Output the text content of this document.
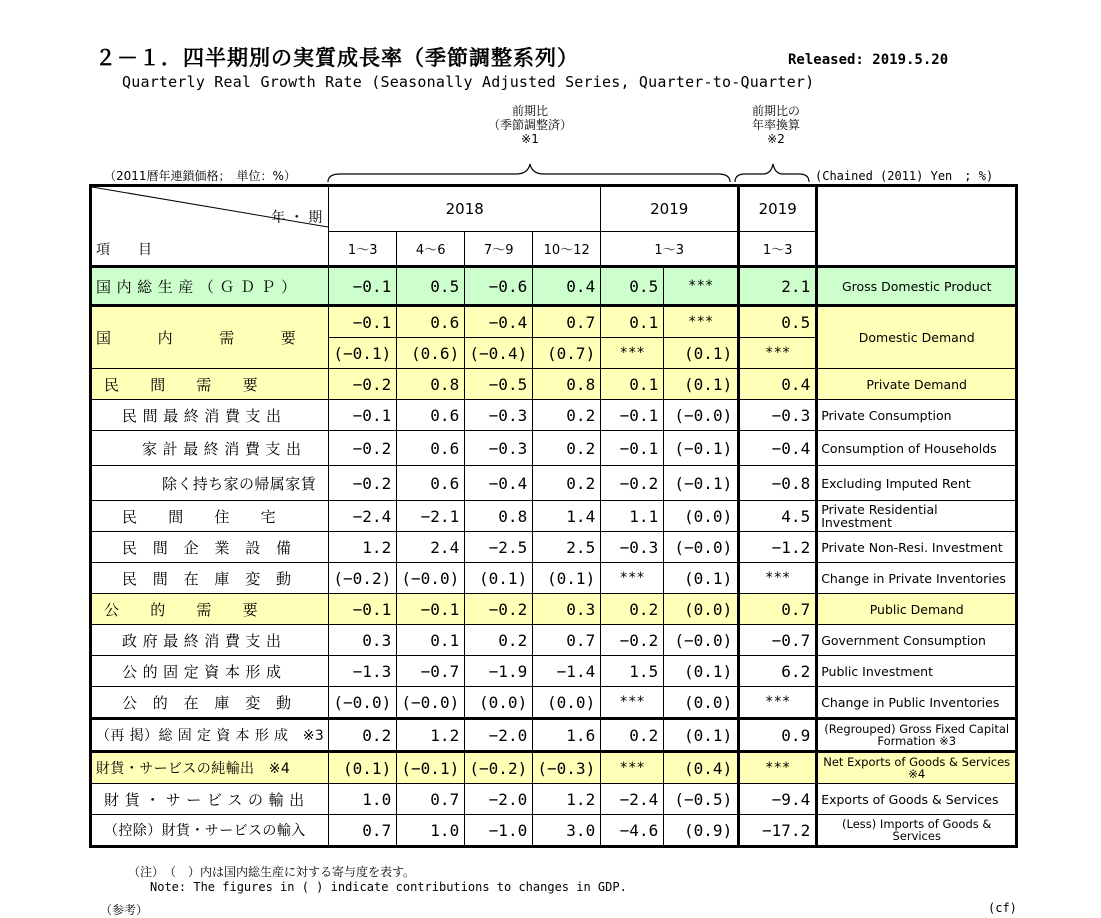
２－１．四半期別の実質成長率（季節調整系列）
Quarterly Real Growth Rate (Seasonally Adjusted Series, Quarter-to-Quarter)
Released: 2019.5.20
前期比
（季節調整済）
※1
前期比の
年率換算
※2
（2011暦年連鎖価格；　単位：%）	(Chained (2011) Yen　; %)
年 ・ 期
項　　目	2018				2019		2019	
	1～3	4～6	7～9	10～12	1～3		1～3	
国 内 総 生 産 （ Ｇ Ｄ Ｐ ）	−0.1	0.5	−0.6	0.4	0.5	***	2.1	Gross Domestic Product
国　　　内　　　需　　　要	−0.1	0.6	−0.4	0.7	0.1	***	0.5	Domestic Demand
	(−0.1)	(0.6)	(−0.4)	(0.7)	***	(0.1)	***	
民　　間　　需　　要	−0.2	0.8	−0.5	0.8	0.1	(0.1)	0.4	Private Demand
民 間 最 終 消 費 支 出	−0.1	0.6	−0.3	0.2	−0.1	(−0.0)	−0.3	Private Consumption
家 計 最 終 消 費 支 出	−0.2	0.6	−0.3	0.2	−0.1	(−0.1)	−0.4	Consumption of Households
除く持ち家の帰属家賃	−0.2	0.6	−0.4	0.2	−0.2	(−0.1)	−0.8	Excluding Imputed Rent
民　　間　　住　　宅	−2.4	−2.1	0.8	1.4	1.1	(0.0)	4.5	Private Residential Investment
民　間　企　業　設　備	1.2	2.4	−2.5	2.5	−0.3	(−0.0)	−1.2	Private Non-Resi. Investment
民　間　在　庫　変　動	(−0.2)	(−0.0)	(0.1)	(0.1)	***	(0.1)	***	Change in Private Inventories
公　　的　　需　　要	−0.1	−0.1	−0.2	0.3	0.2	(0.0)	0.7	Public Demand
政 府 最 終 消 費 支 出	0.3	0.1	0.2	0.7	−0.2	(−0.0)	−0.7	Government Consumption
公 的 固 定 資 本 形 成	−1.3	−0.7	−1.9	−1.4	1.5	(0.1)	6.2	Public Investment
公　的　在　庫　変　動	(−0.0)	(−0.0)	(0.0)	(0.0)	***	(0.0)	***	Change in Public Inventories
（再 掲）総 固 定 資 本 形 成　※3	0.2	1.2	−2.0	1.6	0.2	(0.1)	0.9	(Regrouped) Gross Fixed Capital Formation ※3
財貨・サービスの純輸出　※4	(0.1)	(−0.1)	(−0.2)	(−0.3)	***	(0.4)	***	Net Exports of Goods & Services ※4
財 貨 ・ サ ー ビ ス の 輸 出	1.0	0.7	−2.0	1.2	−2.4	(−0.5)	−9.4	Exports of Goods & Services
（控除）財貨・サービスの輸入	0.7	1.0	−1.0	3.0	−4.6	(0.9)	−17.2	(Less) Imports of Goods & Services
（注）　（　）内は国内総生産に対する寄与度を表す。
Note: The figures in ( ) indicate contributions to changes in GDP.
（参考）	(cf)
